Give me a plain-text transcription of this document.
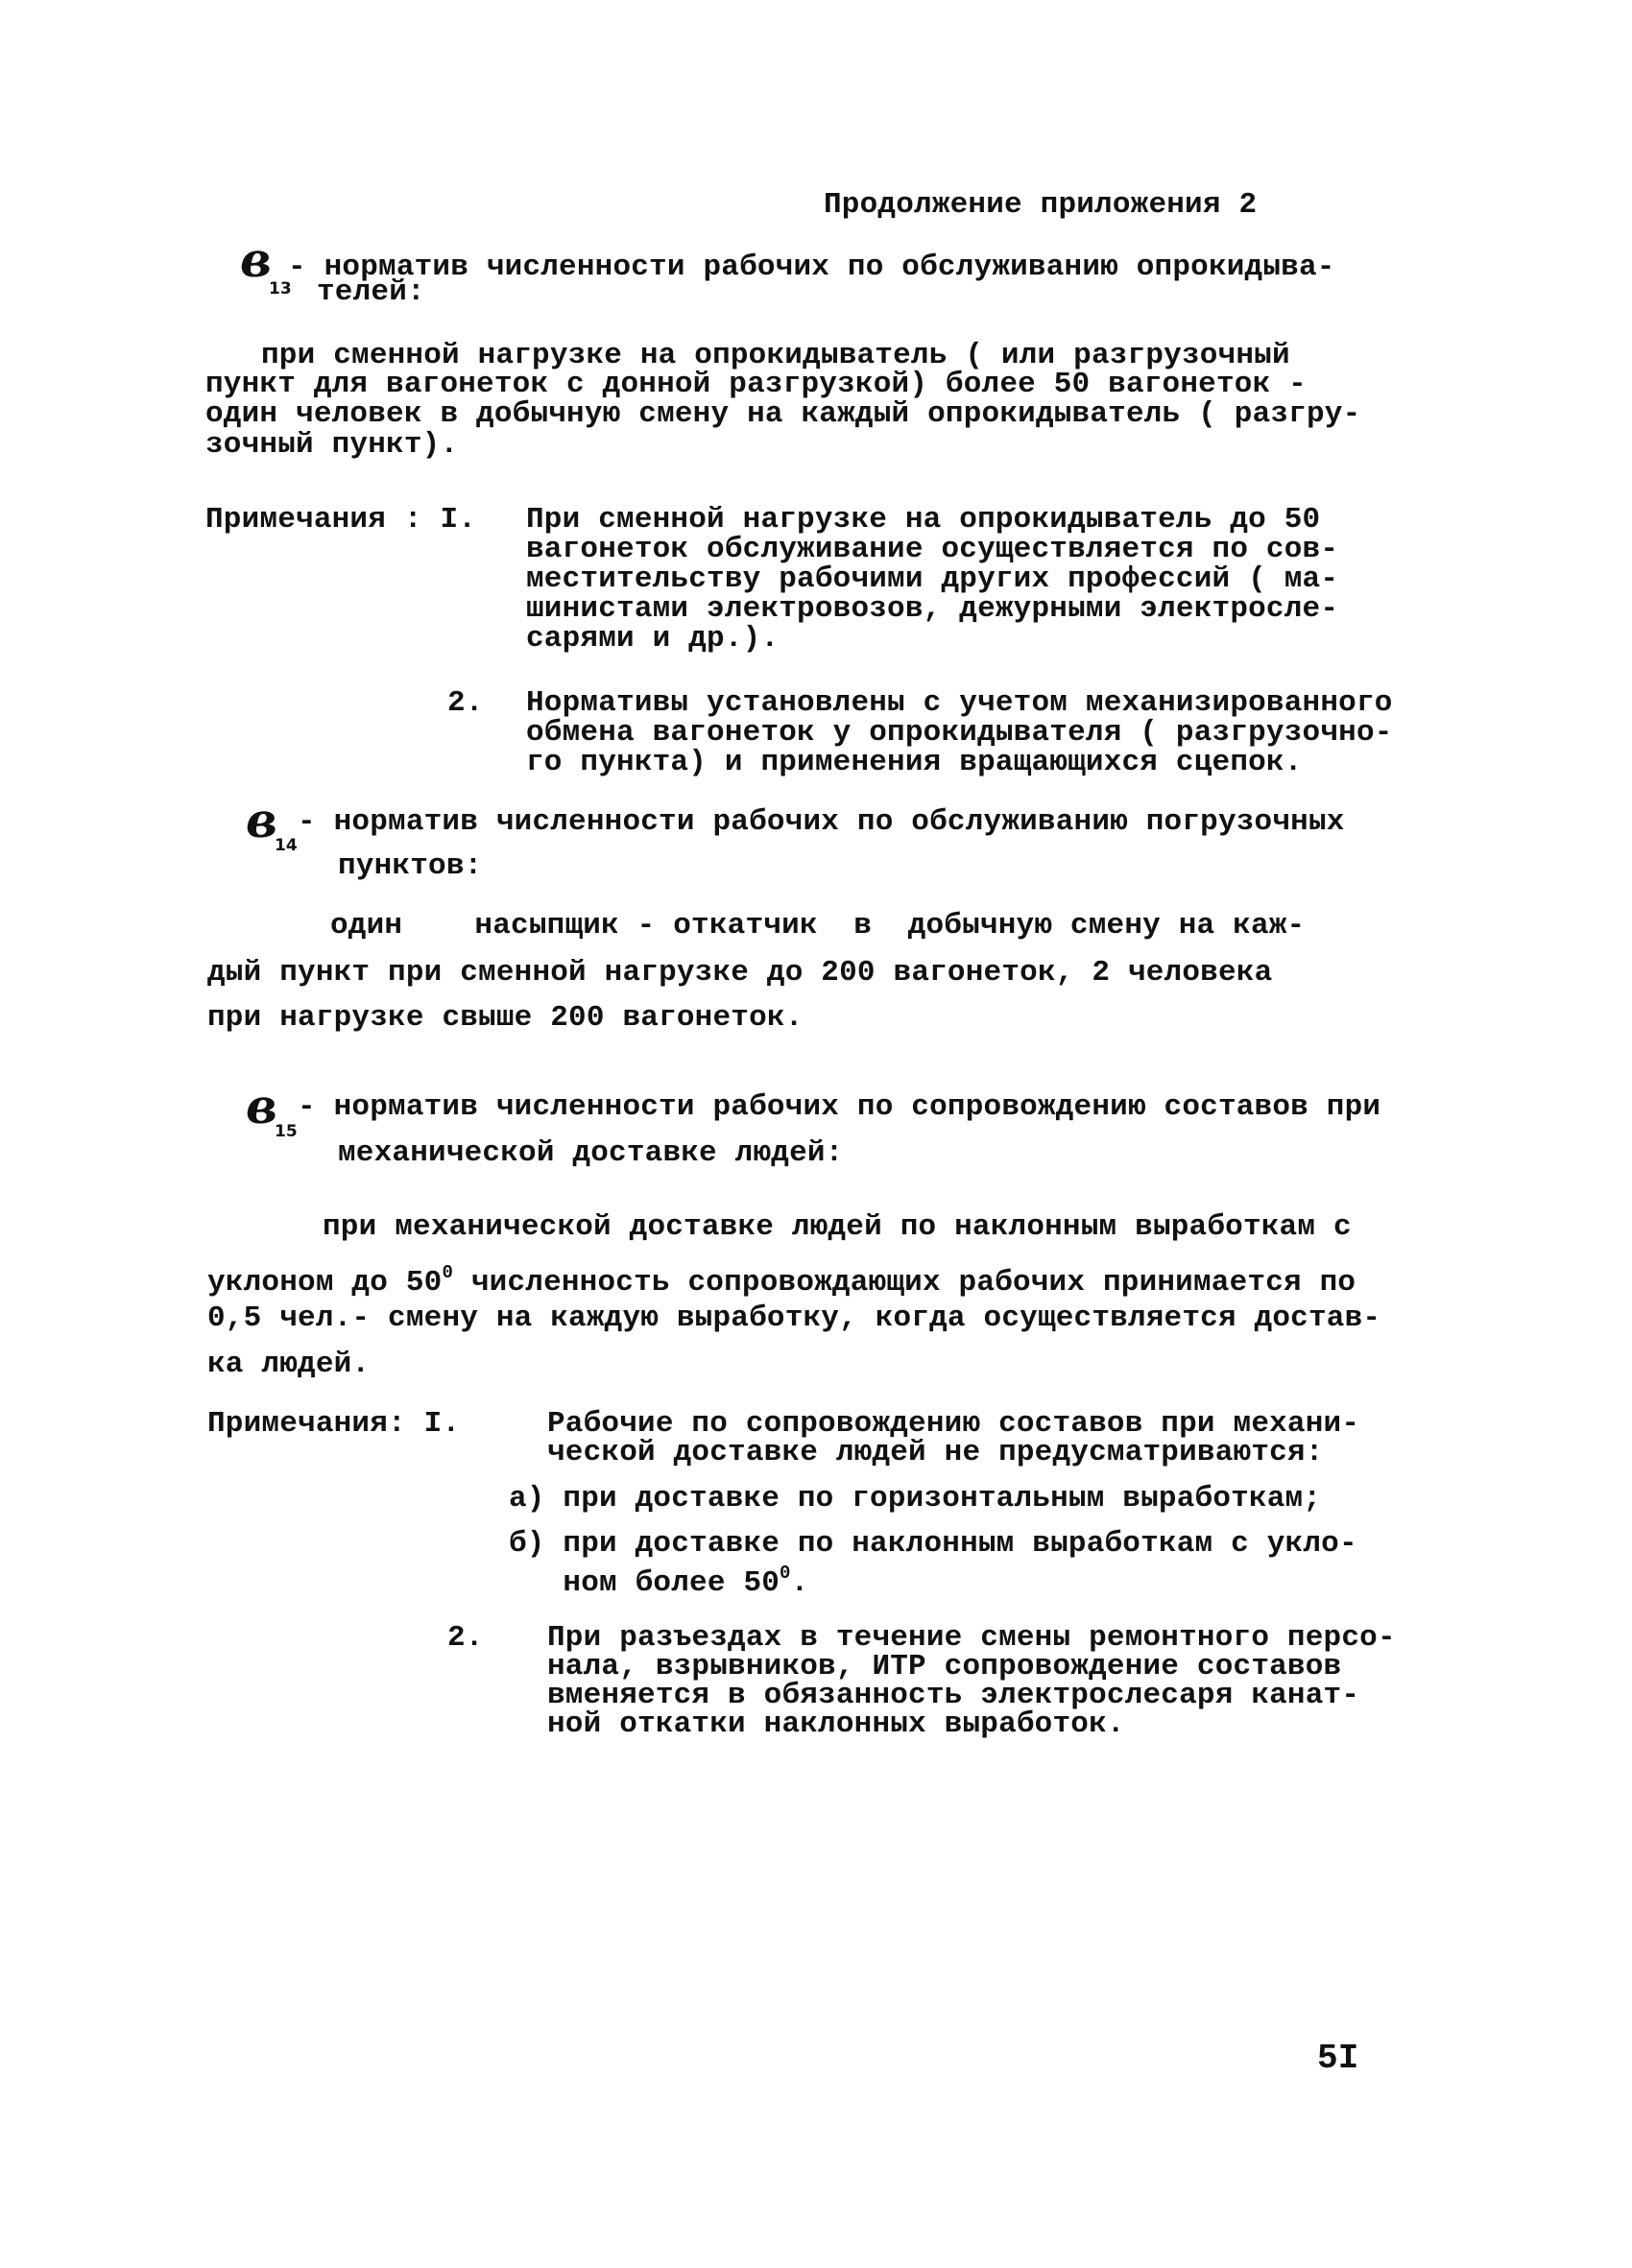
Продолжение приложения 2
в
13
- норматив численности рабочих по обслуживанию опрокидыва-
телей:
при сменной нагрузке на опрокидыватель ( или разгрузочный
пункт для вагонеток с донной разгрузкой) более 50 вагонеток -
один человек в добычную смену на каждый опрокидыватель ( разгру-
зочный пункт).
Примечания : I. При сменной нагрузке на опрокидыватель до 50
вагонеток обслуживание осуществляется по сов-
местительству рабочими других профессий ( ма-
шинистами электровозов, дежурными электросле-
сарями и др.).
2. Нормативы установлены с учетом механизированного
обмена вагонеток у опрокидывателя ( разгрузочно-
го пункта) и применения вращающихся сцепок.
в
14
- норматив численности рабочих по обслуживанию погрузочных
пунктов:
один    насыпщик - откатчик  в  добычную смену на каж-
дый пункт при сменной нагрузке до 200 вагонеток, 2 человека
при нагрузке свыше 200 вагонеток.
в
15
- норматив численности рабочих по сопровождению составов при
механической доставке людей:
при механической доставке людей по наклонным выработкам с
уклоном до $50^0$ численность сопровождающих рабочих принимается по
0,5 чел.- смену на каждую выработку, когда осуществляется достав-
ка людей.
Примечания: I.	Рабочие по сопровождению составов при механи-
ческой доставке людей не предусматриваются:
а) при доставке по горизонтальным выработкам;
б) при доставке по наклонным выработкам с укло-
ном более $50^0$.
2. При разъездах в течение смены ремонтного персо-
нала, взрывников, ИТР сопровождение составов
вменяется в обязанность электрослесаря канат-
ной откатки наклонных выработок.
5I
